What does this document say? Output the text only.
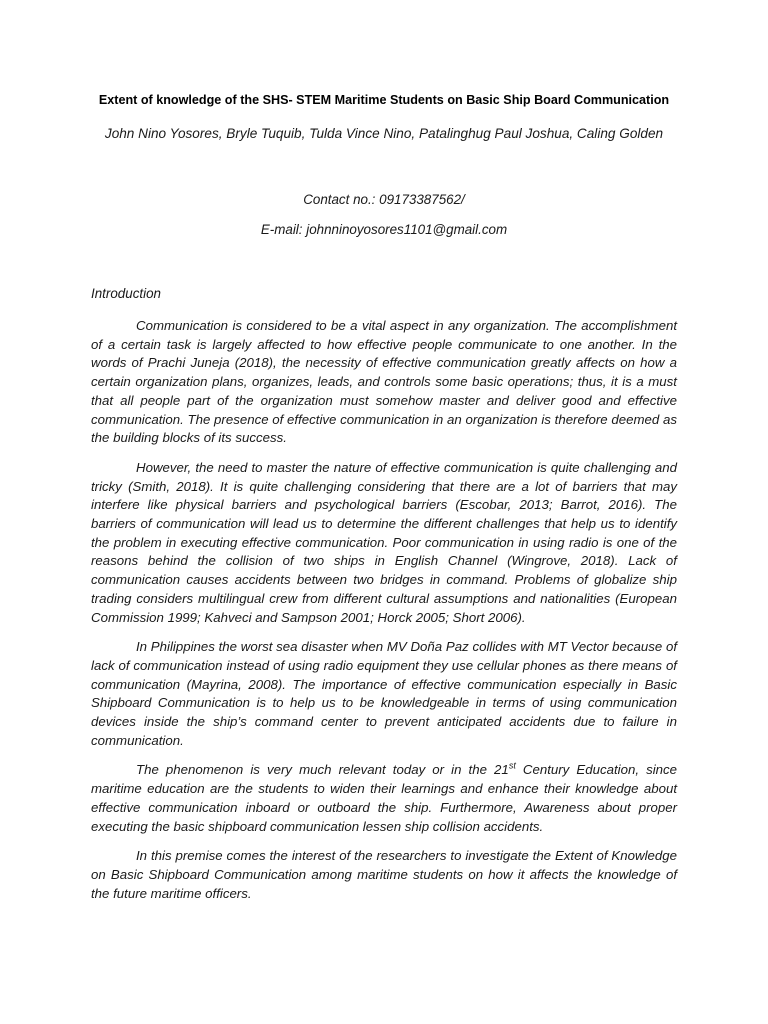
Extent of knowledge of the SHS- STEM Maritime Students on Basic Ship Board Communication
John Nino Yosores, Bryle Tuquib, Tulda Vince Nino, Patalinghug Paul Joshua, Caling Golden
Contact no.: 09173387562/
E-mail: johnninoyosores1101@gmail.com
Introduction

Communication is considered to be a vital aspect in any organization. The accomplishment of a certain task is largely affected to how effective people communicate to one another. In the words of Prachi Juneja (2018), the necessity of effective communication greatly affects on how a certain organization plans, organizes, leads, and controls some basic operations; thus, it is a must that all people part of the organization must somehow master and deliver good and effective communication. The presence of effective communication in an organization is therefore deemed as the building blocks of its success.

However, the need to master the nature of effective communication is quite challenging and tricky (Smith, 2018). It is quite challenging considering that there are a lot of barriers that may interfere like physical barriers and psychological barriers (Escobar, 2013; Barrot, 2016). The barriers of communication will lead us to determine the different challenges that help us to identify the problem in executing effective communication. Poor communication in using radio is one of the reasons behind the collision of two ships in English Channel (Wingrove, 2018). Lack of communication causes accidents between two bridges in command. Problems of globalize ship trading considers multilingual crew from different cultural assumptions and nationalities (European Commission 1999; Kahveci and Sampson 2001; Horck 2005; Short 2006).

In Philippines the worst sea disaster when MV Doña Paz collides with MT Vector because of lack of communication instead of using radio equipment they use cellular phones as there means of communication (Mayrina, 2008). The importance of effective communication especially in Basic Shipboard Communication is to help us to be knowledgeable in terms of using communication devices inside the ship’s command center to prevent anticipated accidents due to failure in communication.

The phenomenon is very much relevant today or in the 21st Century Education, since maritime education are the students to widen their learnings and enhance their knowledge about effective communication inboard or outboard the ship. Furthermore, Awareness about proper executing the basic shipboard communication lessen ship collision accidents.

In this premise comes the interest of the researchers to investigate the Extent of Knowledge on Basic Shipboard Communication among maritime students on how it affects the knowledge of the future maritime officers.
